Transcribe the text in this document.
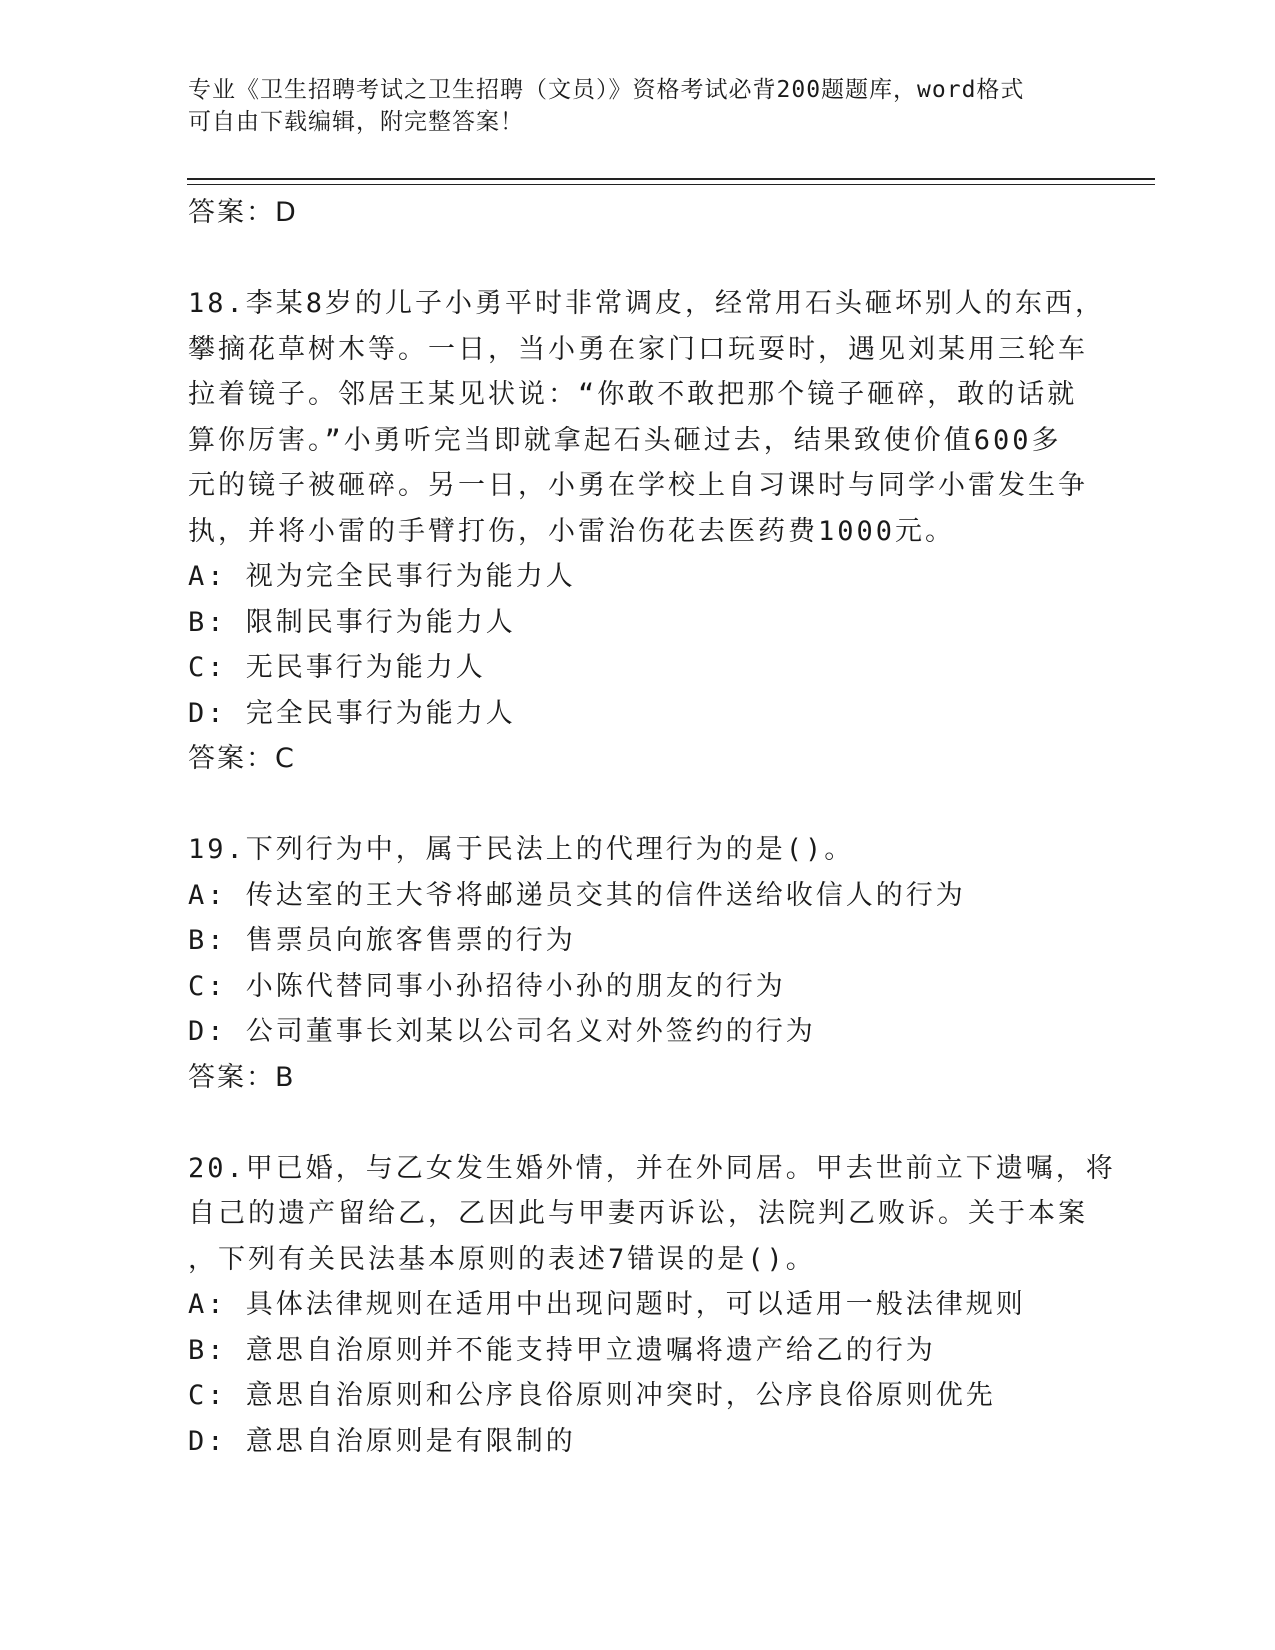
专业《卫生招聘考试之卫生招聘（文员）》资格考试必背200题题库，word格式
可自由下载编辑，附完整答案！
答案：D
18.李某8岁的儿子小勇平时非常调皮，经常用石头砸坏别人的东西，
攀摘花草树木等。一日，当小勇在家门口玩耍时，遇见刘某用三轮车
拉着镜子。邻居王某见状说：“你敢不敢把那个镜子砸碎，敢的话就
算你厉害。”小勇听完当即就拿起石头砸过去，结果致使价值600多
元的镜子被砸碎。另一日，小勇在学校上自习课时与同学小雷发生争
执，并将小雷的手臂打伤，小雷治伤花去医药费1000元。
A: 视为完全民事行为能力人
B: 限制民事行为能力人
C: 无民事行为能力人
D: 完全民事行为能力人
答案：C
19.下列行为中，属于民法上的代理行为的是()。
A: 传达室的王大爷将邮递员交其的信件送给收信人的行为
B: 售票员向旅客售票的行为
C: 小陈代替同事小孙招待小孙的朋友的行为
D: 公司董事长刘某以公司名义对外签约的行为
答案：B
20.甲已婚，与乙女发生婚外情，并在外同居。甲去世前立下遗嘱，将
自己的遗产留给乙，乙因此与甲妻丙诉讼，法院判乙败诉。关于本案
，下列有关民法基本原则的表述7错误的是()。
A: 具体法律规则在适用中出现问题时，可以适用一般法律规则
B: 意思自治原则并不能支持甲立遗嘱将遗产给乙的行为
C: 意思自治原则和公序良俗原则冲突时，公序良俗原则优先
D: 意思自治原则是有限制的
